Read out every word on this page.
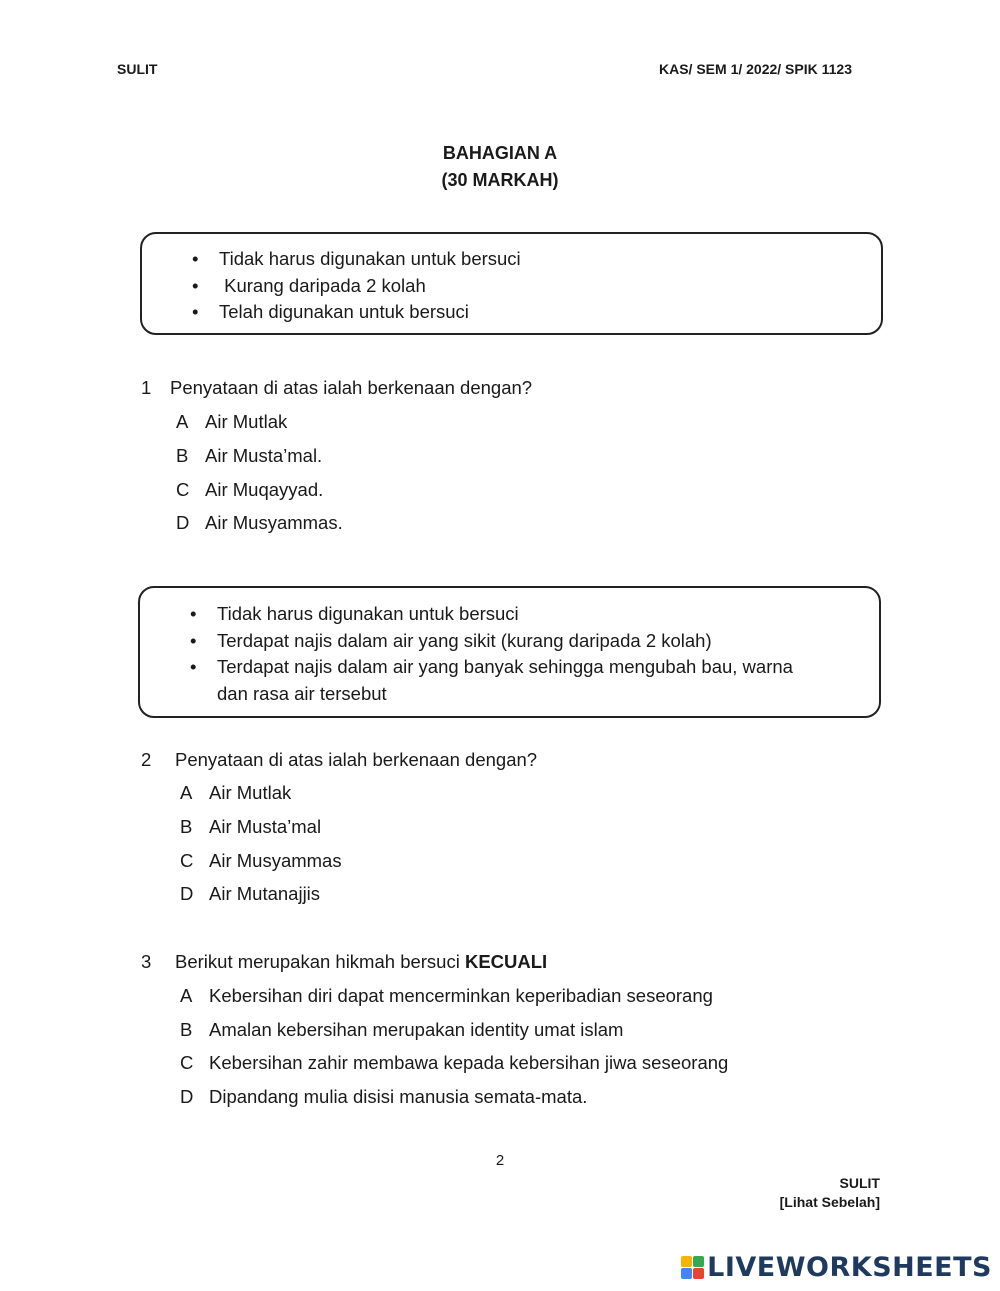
SULIT	KAS/ SEM 1/ 2022/ SPIK 1123
BAHAGIAN A
(30 MARKAH)
• Tidak harus digunakan untuk bersuci
• Kurang daripada 2 kolah
• Telah digunakan untuk bersuci
1 Penyataan di atas ialah berkenaan dengan?
A Air Mutlak
B Air Musta’mal.
C Air Muqayyad.
D Air Musyammas.
• Tidak harus digunakan untuk bersuci
• Terdapat najis dalam air yang sikit (kurang daripada 2 kolah)
• Terdapat najis dalam air yang banyak sehingga mengubah bau, warna
dan rasa air tersebut
2 Penyataan di atas ialah berkenaan dengan?
A Air Mutlak
B Air Musta’mal
C Air Musyammas
D Air Mutanajjis
3 Berikut merupakan hikmah bersuci KECUALI
A Kebersihan diri dapat mencerminkan keperibadian seseorang
B Amalan kebersihan merupakan identity umat islam
C Kebersihan zahir membawa kepada kebersihan jiwa seseorang
D Dipandang mulia disisi manusia semata-mata.
2
SULIT
[Lihat Sebelah]
LIVEWORKSHEETS
